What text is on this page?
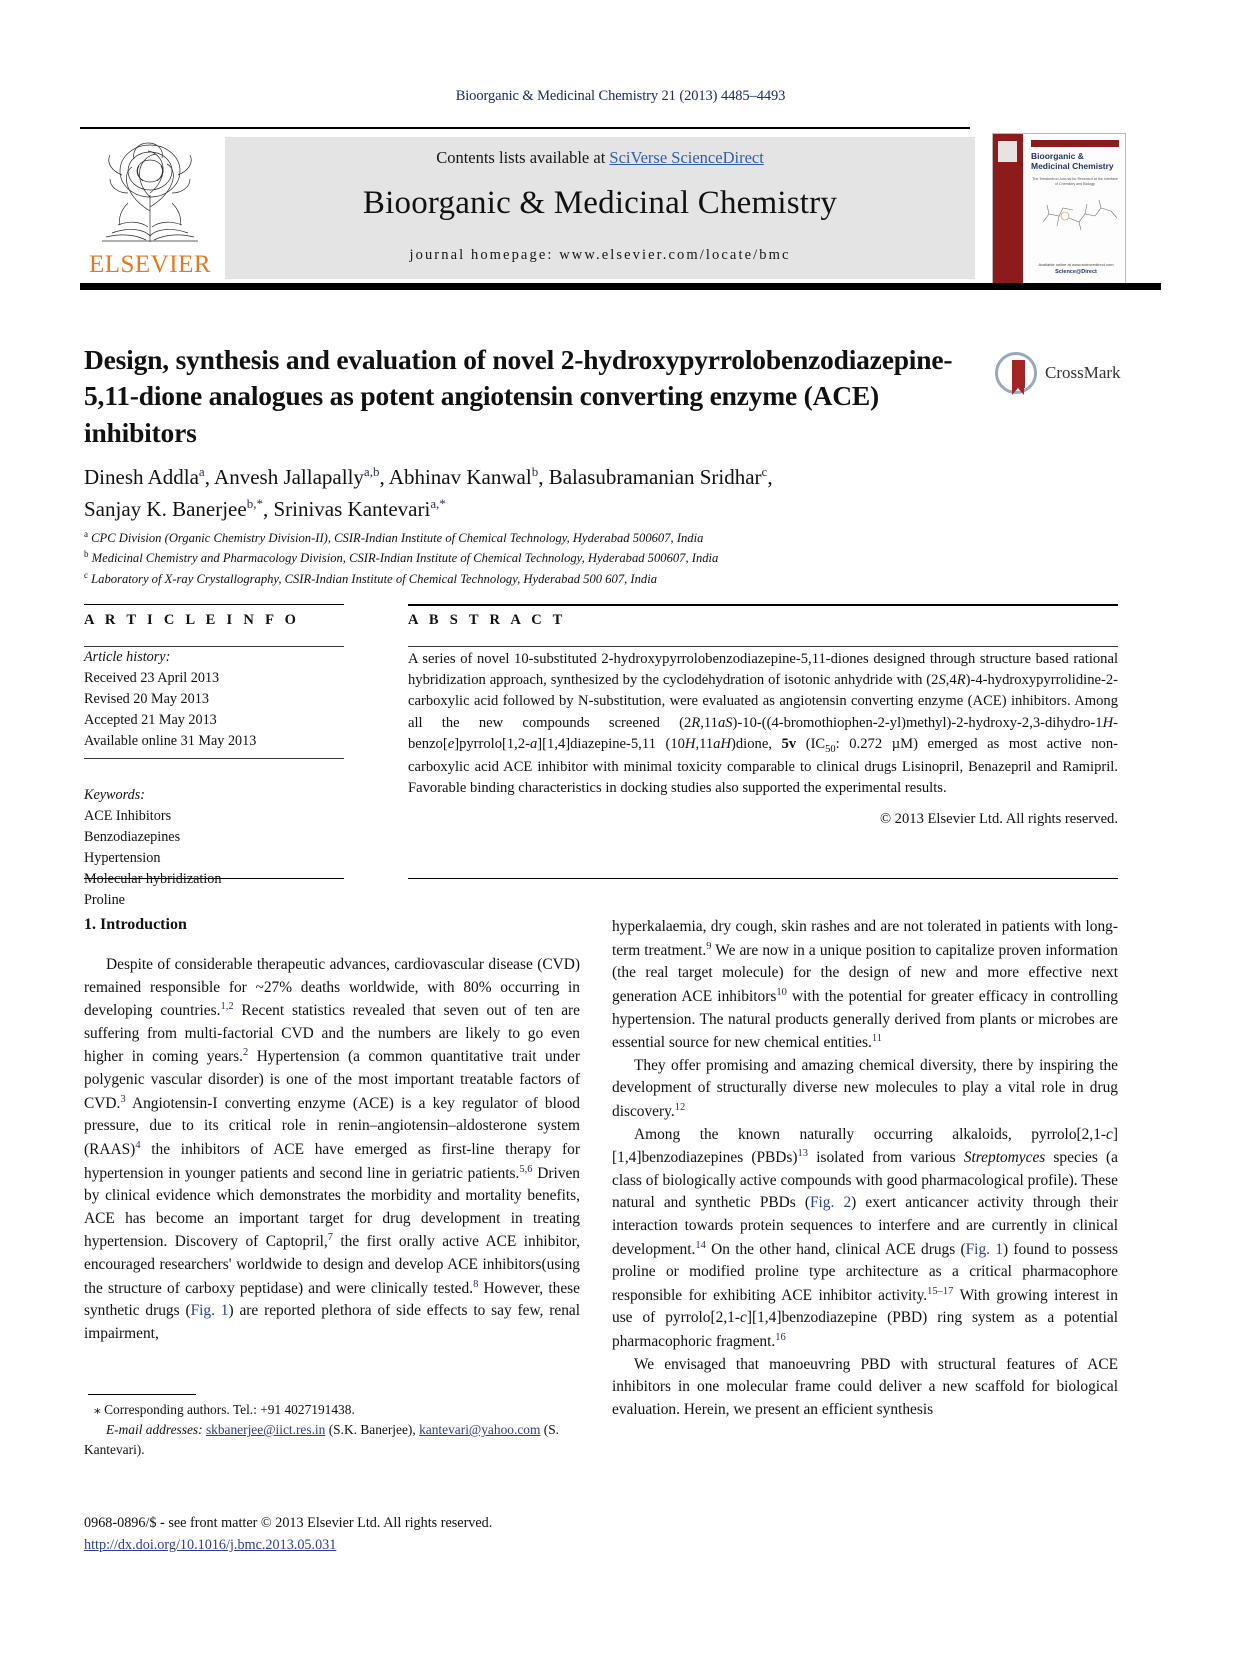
Bioorganic & Medicinal Chemistry 21 (2013) 4485–4493
ELSEVIER
Contents lists available at SciVerse ScienceDirect
Bioorganic & Medicinal Chemistry
journal homepage: www.elsevier.com/locate/bmc
Bioorganic & Medicinal Chemistry
The Tetrahedron Journal for Research at the Interface of Chemistry and Biology
Available online at www.sciencedirect.com
Science@Direct
Design, synthesis and evaluation of novel 2-hydroxypyrrolobenzodiazepine-5,11-dione analogues as potent angiotensin converting enzyme (ACE) inhibitors
CrossMark
Dinesh Addla$^a$, Anvesh Jallapally$^{a,b}$, Abhinav Kanwal$^b$, Balasubramanian Sridhar$^c$,
Sanjay K. Banerjee$^{b,*}$, Srinivas Kantevari$^{a,*}$
$^a$ CPC Division (Organic Chemistry Division-II), CSIR-Indian Institute of Chemical Technology, Hyderabad 500607, India
$^b$ Medicinal Chemistry and Pharmacology Division, CSIR-Indian Institute of Chemical Technology, Hyderabad 500607, India
$^c$ Laboratory of X-ray Crystallography, CSIR-Indian Institute of Chemical Technology, Hyderabad 500 607, India
A R T I C L E I N F O
Article history:
Received 23 April 2013
Revised 20 May 2013
Accepted 21 May 2013
Available online 31 May 2013
Keywords:
ACE Inhibitors
Benzodiazepines
Hypertension
Molecular hybridization
Proline
A B S T R A C T
A series of novel 10-substituted 2-hydroxypyrrolobenzodiazepine-5,11-diones designed through structure based rational hybridization approach, synthesized by the cyclodehydration of isotonic anhydride with (2S,4R)-4-hydroxypyrrolidine-2-carboxylic acid followed by N-substitution, were evaluated as angiotensin converting enzyme (ACE) inhibitors. Among all the new compounds screened (2R,11aS)-10-((4-bromothiophen-2-yl)methyl)-2-hydroxy-2,3-dihydro-1H-benzo[e]pyrrolo[1,2-a][1,4]diazepine-5,11 (10H,11aH)dione, 5v ($IC_{50}$: 0.272 µM) emerged as most active non-carboxylic acid ACE inhibitor with minimal toxicity comparable to clinical drugs Lisinopril, Benazepril and Ramipril. Favorable binding characteristics in docking studies also supported the experimental results.
© 2013 Elsevier Ltd. All rights reserved.
1. Introduction

Despite of considerable therapeutic advances, cardiovascular disease (CVD) remained responsible for ~27% deaths worldwide, with 80% occurring in developing countries.$^{1,2}$ Recent statistics revealed that seven out of ten are suffering from multi-factorial CVD and the numbers are likely to go even higher in coming years.$^2$ Hypertension (a common quantitative trait under polygenic vascular disorder) is one of the most important treatable factors of CVD.$^3$ Angiotensin-I converting enzyme (ACE) is a key regulator of blood pressure, due to its critical role in renin–angiotensin–aldosterone system (RAAS)$^4$ the inhibitors of ACE have emerged as first-line therapy for hypertension in younger patients and second line in geriatric patients.$^{5,6}$ Driven by clinical evidence which demonstrates the morbidity and mortality benefits, ACE has become an important target for drug development in treating hypertension. Discovery of Captopril,$^7$ the first orally active ACE inhibitor, encouraged researchers' worldwide to design and develop ACE inhibitors(using the structure of carboxy peptidase) and were clinically tested.$^8$ However, these synthetic drugs (Fig. 1) are reported plethora of side effects to say few, renal impairment,

hyperkalaemia, dry cough, skin rashes and are not tolerated in patients with long-term treatment.$^9$ We are now in a unique position to capitalize proven information (the real target molecule) for the design of new and more effective next generation ACE inhibitors$^{10}$ with the potential for greater efficacy in controlling hypertension. The natural products generally derived from plants or microbes are essential source for new chemical entities.$^{11}$

They offer promising and amazing chemical diversity, there by inspiring the development of structurally diverse new molecules to play a vital role in drug discovery.$^{12}$

Among the known naturally occurring alkaloids, pyrrolo[2,1-c][1,4]benzodiazepines (PBDs)$^{13}$ isolated from various Streptomyces species (a class of biologically active compounds with good pharmacological profile). These natural and synthetic PBDs (Fig. 2) exert anticancer activity through their interaction towards protein sequences to interfere and are currently in clinical development.$^{14}$ On the other hand, clinical ACE drugs (Fig. 1) found to possess proline or modified proline type architecture as a critical pharmacophore responsible for exhibiting ACE inhibitor activity.$^{15-17}$ With growing interest in use of pyrrolo[2,1-c][1,4]benzodiazepine (PBD) ring system as a potential pharmacophoric fragment.$^{16}$

We envisaged that manoeuvring PBD with structural features of ACE inhibitors in one molecular frame could deliver a new scaffold for biological evaluation. Herein, we present an efficient synthesis

⁎ Corresponding authors. Tel.: +91 4027191438.
E-mail addresses: skbanerjee@iict.res.in (S.K. Banerjee), kantevari@yahoo.com (S. Kantevari).
0968-0896/$ - see front matter © 2013 Elsevier Ltd. All rights reserved.
http://dx.doi.org/10.1016/j.bmc.2013.05.031
